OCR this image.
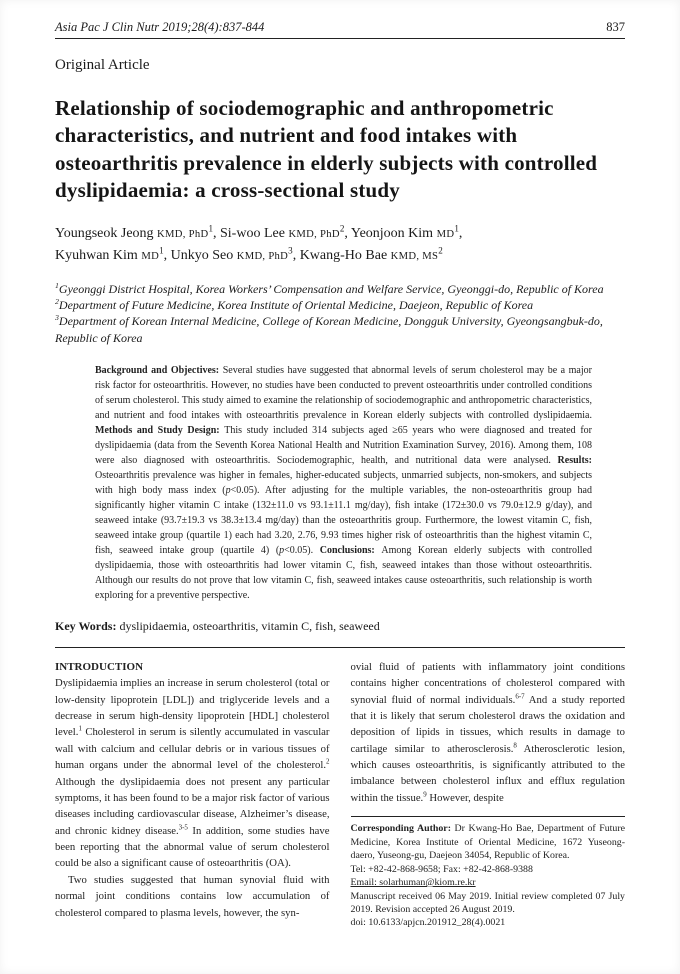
Asia Pac J Clin Nutr 2019;28(4):837-844	837
Original Article
Relationship of sociodemographic and anthropometric characteristics, and nutrient and food intakes with osteoarthritis prevalence in elderly subjects with controlled dyslipidaemia: a cross-sectional study
Youngseok Jeong KMD, PhD$^1$, Si-woo Lee KMD, PhD$^2$, Yeonjoon Kim $MD^1$,
Kyuhwan Kim $MD^1$, Unkyo Seo KMD, PhD$^3$, Kwang-Ho Bae KMD, $MS^2$

$^1$Gyeonggi District Hospital, Korea Workers’ Compensation and Welfare Service, Gyeonggi-do, Republic of Korea

$^2$Department of Future Medicine, Korea Institute of Oriental Medicine, Daejeon, Republic of Korea

$^3$Department of Korean Internal Medicine, College of Korean Medicine, Dongguk University, Gyeongsangbuk-do, Republic of Korea

Background and Objectives: Several studies have suggested that abnormal levels of serum cholesterol may be a major risk factor for osteoarthritis. However, no studies have been conducted to prevent osteoarthritis under controlled conditions of serum cholesterol. This study aimed to examine the relationship of sociodemographic and anthropometric characteristics, and nutrient and food intakes with osteoarthritis prevalence in Korean elderly subjects with controlled dyslipidaemia. Methods and Study Design: This study included 314 subjects aged ≥65 years who were diagnosed and treated for dyslipidaemia (data from the Seventh Korea National Health and Nutrition Examination Survey, 2016). Among them, 108 were also diagnosed with osteoarthritis. Sociodemographic, health, and nutritional data were analysed. Results: Osteoarthritis prevalence was higher in females, higher-educated subjects, unmarried subjects, non-smokers, and subjects with high body mass index (p<0.05). After adjusting for the multiple variables, the non-osteoarthritis group had significantly higher vitamin C intake (132±11.0 vs 93.1±11.1 mg/day), fish intake (172±30.0 vs 79.0±12.9 g/day), and seaweed intake (93.7±19.3 vs 38.3±13.4 mg/day) than the osteoarthritis group. Furthermore, the lowest vitamin C, fish, seaweed intake group (quartile 1) each had 3.20, 2.76, 9.93 times higher risk of osteoarthritis than the highest vitamin C, fish, seaweed intake group (quartile 4) (p<0.05). Conclusions: Among Korean elderly subjects with controlled dyslipidaemia, those with osteoarthritis had lower vitamin C, fish, seaweed intakes than those without osteoarthritis. Although our results do not prove that low vitamin C, fish, seaweed intakes cause osteoarthritis, such relationship is worth exploring for a preventive perspective.
Key Words: dyslipidaemia, osteoarthritis, vitamin C, fish, seaweed
INTRODUCTION

Dyslipidaemia implies an increase in serum cholesterol (total or low-density lipoprotein [LDL]) and triglyceride levels and a decrease in serum high-density lipoprotein [HDL] cholesterol level.$^1$ Cholesterol in serum is silently accumulated in vascular wall with calcium and cellular debris or in various tissues of human organs under the abnormal level of the cholesterol.$^2$ Although the dyslipidaemia does not present any particular symptoms, it has been found to be a major risk factor of various diseases including cardiovascular disease, Alzheimer’s disease, and chronic kidney disease.$^{3-5}$ In addition, some studies have been reporting that the abnormal value of serum cholesterol could be also a significant cause of osteoarthritis (OA).

Two studies suggested that human synovial fluid with normal joint conditions contains low accumulation of cholesterol compared to plasma levels, however, the syn-

ovial fluid of patients with inflammatory joint conditions contains higher concentrations of cholesterol compared with synovial fluid of normal individuals.$^{6-7}$ And a study reported that it is likely that serum cholesterol draws the oxidation and deposition of lipids in tissues, which results in damage to cartilage similar to atherosclerosis.$^8$ Atherosclerotic lesion, which causes osteoarthritis, is significantly attributed to the imbalance between cholesterol influx and efflux regulation within the tissue.$^9$ However, despite

Corresponding Author: Dr Kwang-Ho Bae, Department of Future Medicine, Korea Institute of Oriental Medicine, 1672 Yuseong-daero, Yuseong-gu, Daejeon 34054, Republic of Korea.

Tel: +82-42-868-9658; Fax: +82-42-868-9388

Email: solarhuman@kiom.re.kr

Manuscript received 06 May 2019. Initial review completed 07 July 2019. Revision accepted 26 August 2019.

doi: 10.6133/apjcn.201912_28(4).0021
